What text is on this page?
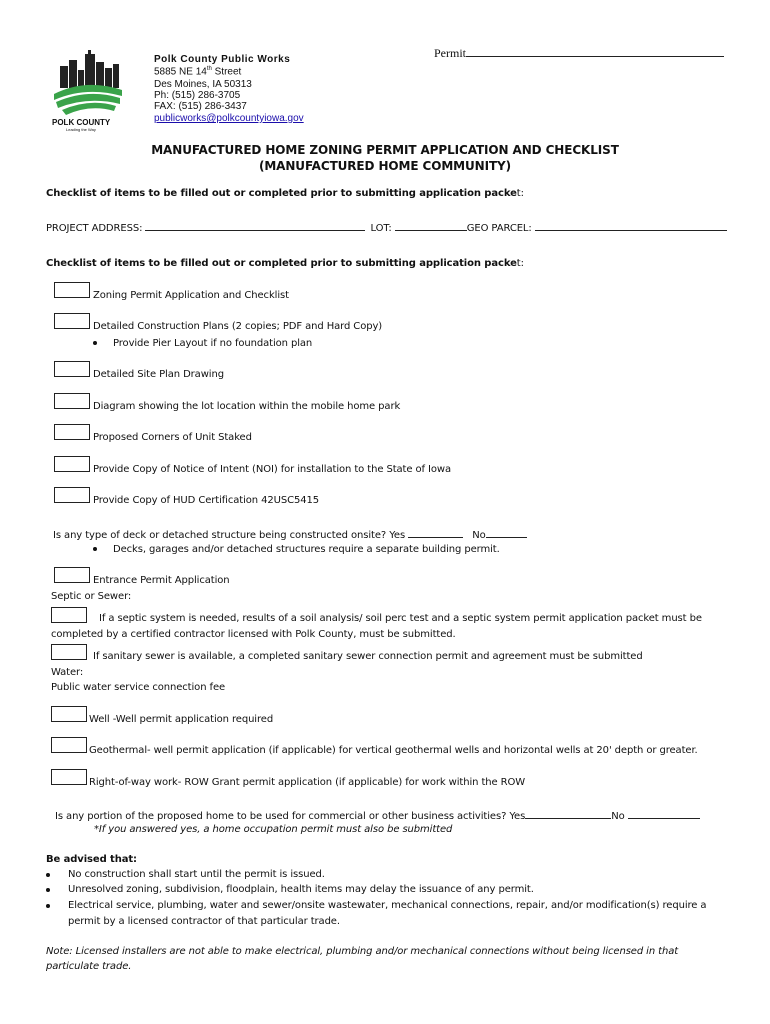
POLK COUNTY
Leading the Way
Polk County Public Works
5885 NE 14th Street
Des Moines, IA 50313
Ph: (515) 286-3705
FAX: (515) 286-3437
publicworks@polkcountyiowa.gov
Permit
MANUFACTURED HOME ZONING PERMIT APPLICATION AND CHECKLIST
(MANUFACTURED HOME COMMUNITY)
Checklist of items to be filled out or completed prior to submitting application packet:
PROJECT ADDRESS:	LOT:	GEO PARCEL:
Checklist of items to be filled out or completed prior to submitting application packet:
Zoning Permit Application and Checklist
Detailed Construction Plans (2 copies; PDF and Hard Copy)
Provide Pier Layout if no foundation plan
Detailed Site Plan Drawing
Diagram showing the lot location within the mobile home park
Proposed Corners of Unit Staked
Provide Copy of Notice of Intent (NOI) for installation to the State of Iowa
Provide Copy of HUD Certification 42USC5415
Is any type of deck or detached structure being constructed onsite? Yes	No
Decks, garages and/or detached structures require a separate building permit.
Entrance Permit Application
Septic or Sewer:
If a septic system is needed, results of a soil analysis/ soil perc test and a septic system permit application packet must be
completed by a certified contractor licensed with Polk County, must be submitted.
If sanitary sewer is available, a completed sanitary sewer connection permit and agreement must be submitted
Water:
Public water service connection fee
Well -Well permit application required
Geothermal- well permit application (if applicable) for vertical geothermal wells and horizontal wells at 20' depth or greater.
Right-of-way work- ROW Grant permit application (if applicable) for work within the ROW
Is any portion of the proposed home to be used for commercial or other business activities? Yes	No
*If you answered yes, a home occupation permit must also be submitted
Be advised that:
No construction shall start until the permit is issued.
Unresolved zoning, subdivision, floodplain, health items may delay the issuance of any permit.
Electrical service, plumbing, water and sewer/onsite wastewater, mechanical connections, repair, and/or modification(s) require a
permit by a licensed contractor of that particular trade.
Note: Licensed installers are not able to make electrical, plumbing and/or mechanical connections without being licensed in that
particulate trade.
